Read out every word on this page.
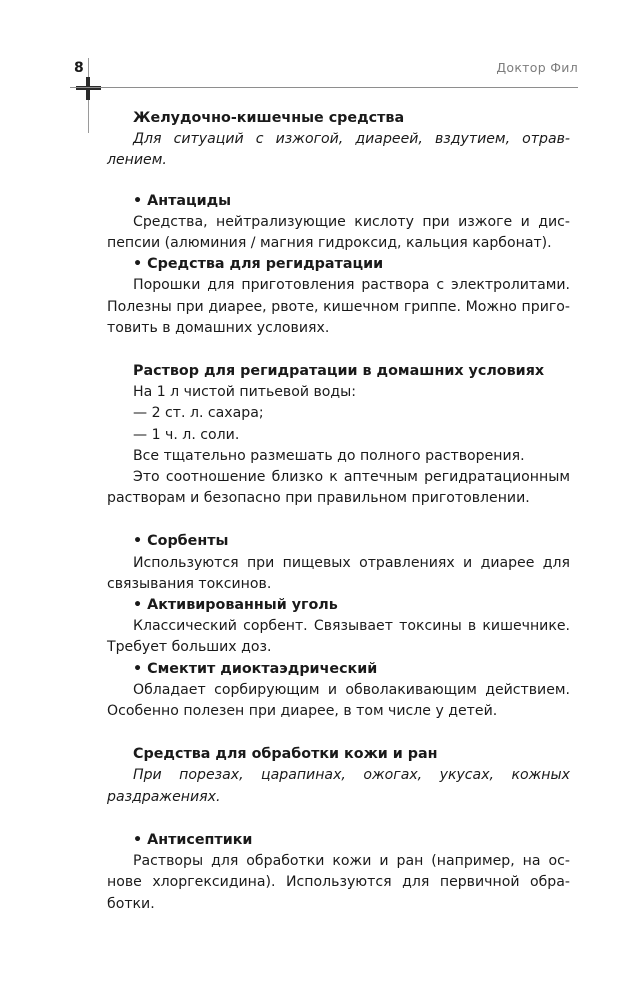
8	Доктор Фил
Желудочно-кишечные средства

Для ситуаций с изжогой, диареей, вздутием, отравлением.

• Антациды

Средства, нейтрализующие кислоту при изжоге и диспепсии (алюминия / магния гидроксид, кальция карбонат).

• Средства для регидратации

Порошки для приготовления раствора с электролитами. Полезны при диарее, рвоте, кишечном гриппе. Можно приготовить в домашних условиях.

Раствор для регидратации в домашних условиях

На 1 л чистой питьевой воды:

— 2 ст. л. сахара;

— 1 ч. л. соли.

Все тщательно размешать до полного растворения.

Это соотношение близко к аптечным регидратационным растворам и безопасно при правильном приготовлении.

• Сорбенты

Используются при пищевых отравлениях и диарее для связывания токсинов.

• Активированный уголь

Классический сорбент. Связывает токсины в кишечнике. Требует больших доз.

• Смектит диоктаэдрический

Обладает сорбирующим и обволакивающим действием. Особенно полезен при диарее, в том числе у детей.

Средства для обработки кожи и ран

При порезах, царапинах, ожогах, укусах, кожных раздражениях.

• Антисептики

Растворы для обработки кожи и ран (например, на основе хлоргексидина). Используются для первичной обработки.
